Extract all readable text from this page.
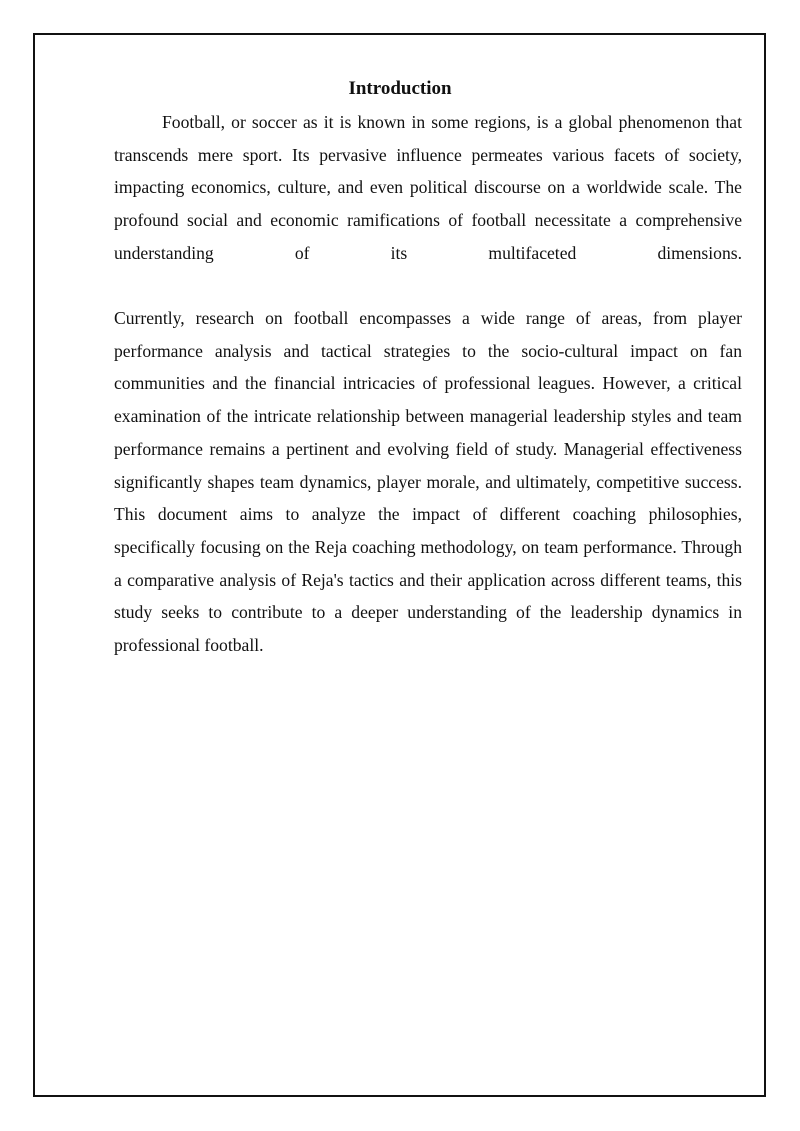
Introduction

Football, or soccer as it is known in some regions, is a global phenomenon that transcends mere sport. Its pervasive influence permeates various facets of society, impacting economics, culture, and even political discourse on a worldwide scale. The profound social and economic ramifications of football necessitate a comprehensive understanding of its multifaceted dimensions.

Currently, research on football encompasses a wide range of areas, from player performance analysis and tactical strategies to the socio-cultural impact on fan communities and the financial intricacies of professional leagues. However, a critical examination of the intricate relationship between managerial leadership styles and team performance remains a pertinent and evolving field of study. Managerial effectiveness significantly shapes team dynamics, player morale, and ultimately, competitive success. This document aims to analyze the impact of different coaching philosophies, specifically focusing on the Reja coaching methodology, on team performance. Through a comparative analysis of Reja's tactics and their application across different teams, this study seeks to contribute to a deeper understanding of the leadership dynamics in professional football.
